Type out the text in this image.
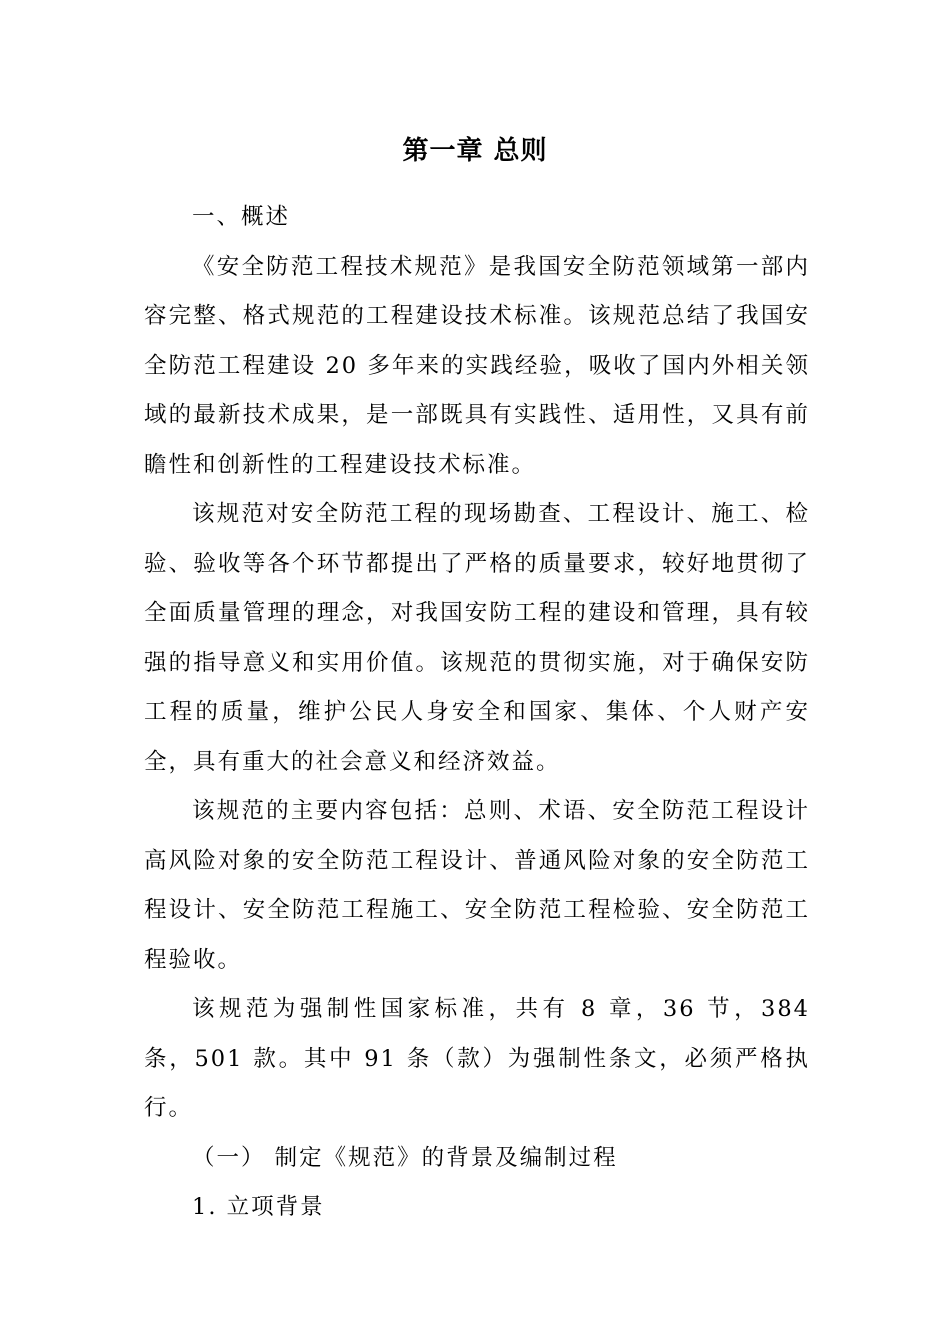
第一章 总则

一、概述

《安全防范工程技术规范》是我国安全防范领域第一部内容完整、格式规范的工程建设技术标准。该规范总结了我国安全防范工程建设 20 多年来的实践经验，吸收了国内外相关领域的最新技术成果，是一部既具有实践性、适用性，又具有前瞻性和创新性的工程建设技术标准。

该规范对安全防范工程的现场勘查、工程设计、施工、检验、验收等各个环节都提出了严格的质量要求，较好地贯彻了全面质量管理的理念，对我国安防工程的建设和管理，具有较强的指导意义和实用价值。该规范的贯彻实施，对于确保安防工程的质量，维护公民人身安全和国家、集体、个人财产安全，具有重大的社会意义和经济效益。

该规范的主要内容包括：总则、术语、安全防范工程设计高风险对象的安全防范工程设计、普通风险对象的安全防范工程设计、安全防范工程施工、安全防范工程检验、安全防范工程验收。

该规范为强制性国家标准，共有 8 章，36 节，384 条，501 款。其中 91 条（款）为强制性条文，必须严格执行。

（一） 制定《规范》的背景及编制过程

1. 立项背景
